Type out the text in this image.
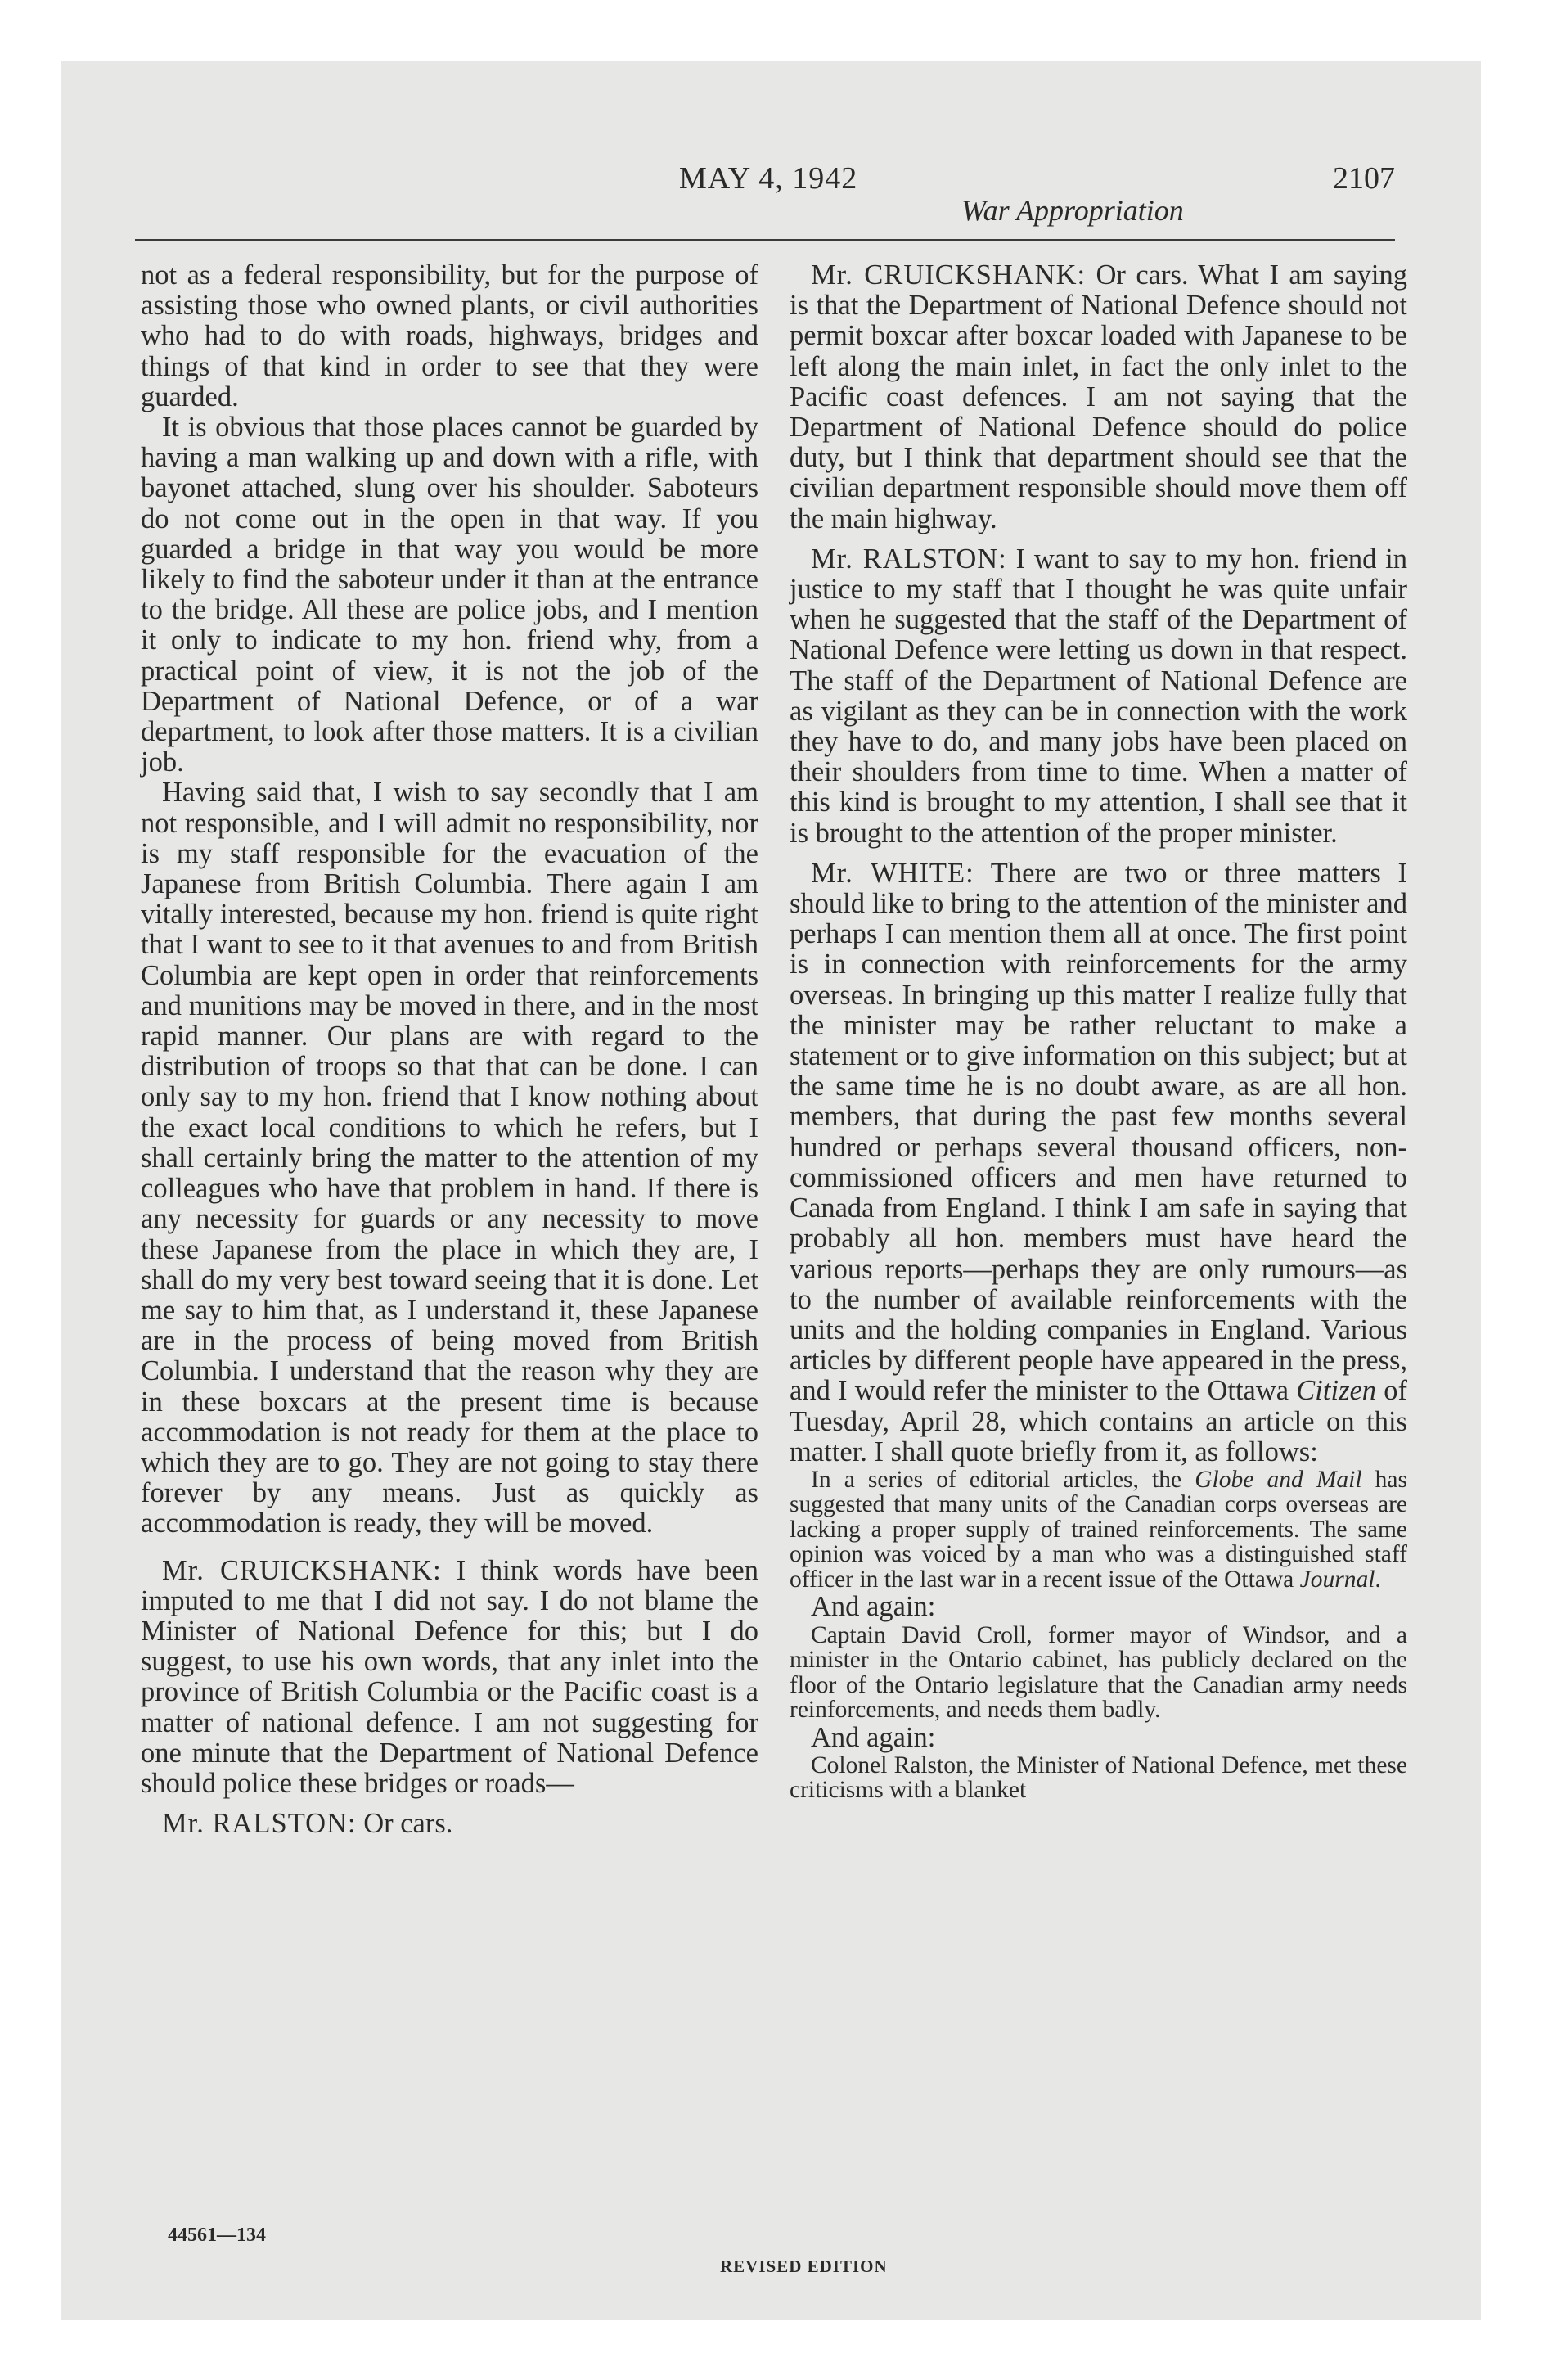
MAY 4, 1942
War Appropriation
2107

not as a federal responsibility, but for the purpose of assisting those who owned plants, or civil authorities who had to do with roads, highways, bridges and things of that kind in order to see that they were guarded.

It is obvious that those places cannot be guarded by having a man walking up and down with a rifle, with bayonet attached, slung over his shoulder. Saboteurs do not come out in the open in that way. If you guarded a bridge in that way you would be more likely to find the saboteur under it than at the entrance to the bridge. All these are police jobs, and I mention it only to indicate to my hon. friend why, from a practical point of view, it is not the job of the Department of National Defence, or of a war department, to look after those matters. It is a civilian job.

Having said that, I wish to say secondly that I am not responsible, and I will admit no responsibility, nor is my staff responsible for the evacuation of the Japanese from British Columbia. There again I am vitally interested, because my hon. friend is quite right that I want to see to it that avenues to and from British Columbia are kept open in order that reinforcements and munitions may be moved in there, and in the most rapid manner. Our plans are with regard to the distribution of troops so that that can be done. I can only say to my hon. friend that I know nothing about the exact local conditions to which he refers, but I shall certainly bring the matter to the attention of my colleagues who have that problem in hand. If there is any necessity for guards or any necessity to move these Japanese from the place in which they are, I shall do my very best toward seeing that it is done. Let me say to him that, as I understand it, these Japanese are in the process of being moved from British Columbia. I understand that the reason why they are in these boxcars at the present time is because accommodation is not ready for them at the place to which they are to go. They are not going to stay there forever by any means. Just as quickly as accommodation is ready, they will be moved.

Mr. CRUICKSHANK: I think words have been imputed to me that I did not say. I do not blame the Minister of National Defence for this; but I do suggest, to use his own words, that any inlet into the province of British Columbia or the Pacific coast is a matter of national defence. I am not suggesting for one minute that the Department of National Defence should police these bridges or roads—

Mr. RALSTON: Or cars.

Mr. CRUICKSHANK: Or cars. What I am saying is that the Department of National Defence should not permit boxcar after boxcar loaded with Japanese to be left along the main inlet, in fact the only inlet to the Pacific coast defences. I am not saying that the Department of National Defence should do police duty, but I think that department should see that the civilian department responsible should move them off the main highway.

Mr. RALSTON: I want to say to my hon. friend in justice to my staff that I thought he was quite unfair when he suggested that the staff of the Department of National Defence were letting us down in that respect. The staff of the Department of National Defence are as vigilant as they can be in connection with the work they have to do, and many jobs have been placed on their shoulders from time to time. When a matter of this kind is brought to my attention, I shall see that it is brought to the attention of the proper minister.

Mr. WHITE: There are two or three matters I should like to bring to the attention of the minister and perhaps I can mention them all at once. The first point is in connection with reinforcements for the army overseas. In bringing up this matter I realize fully that the minister may be rather reluctant to make a statement or to give information on this subject; but at the same time he is no doubt aware, as are all hon. members, that during the past few months several hundred or perhaps several thousand officers, non-commissioned officers and men have returned to Canada from England. I think I am safe in saying that probably all hon. members must have heard the various reports—perhaps they are only rumours—as to the number of available reinforcements with the units and the holding companies in England. Various articles by different people have appeared in the press, and I would refer the minister to the Ottawa Citizen of Tuesday, April 28, which contains an article on this matter. I shall quote briefly from it, as follows:

In a series of editorial articles, the Globe and Mail has suggested that many units of the Canadian corps overseas are lacking a proper supply of trained reinforcements. The same opinion was voiced by a man who was a distinguished staff officer in the last war in a recent issue of the Ottawa Journal.

And again:

Captain David Croll, former mayor of Windsor, and a minister in the Ontario cabinet, has publicly declared on the floor of the Ontario legislature that the Canadian army needs reinforcements, and needs them badly.

And again:

Colonel Ralston, the Minister of National Defence, met these criticisms with a blanket

44561—134
REVISED EDITION
